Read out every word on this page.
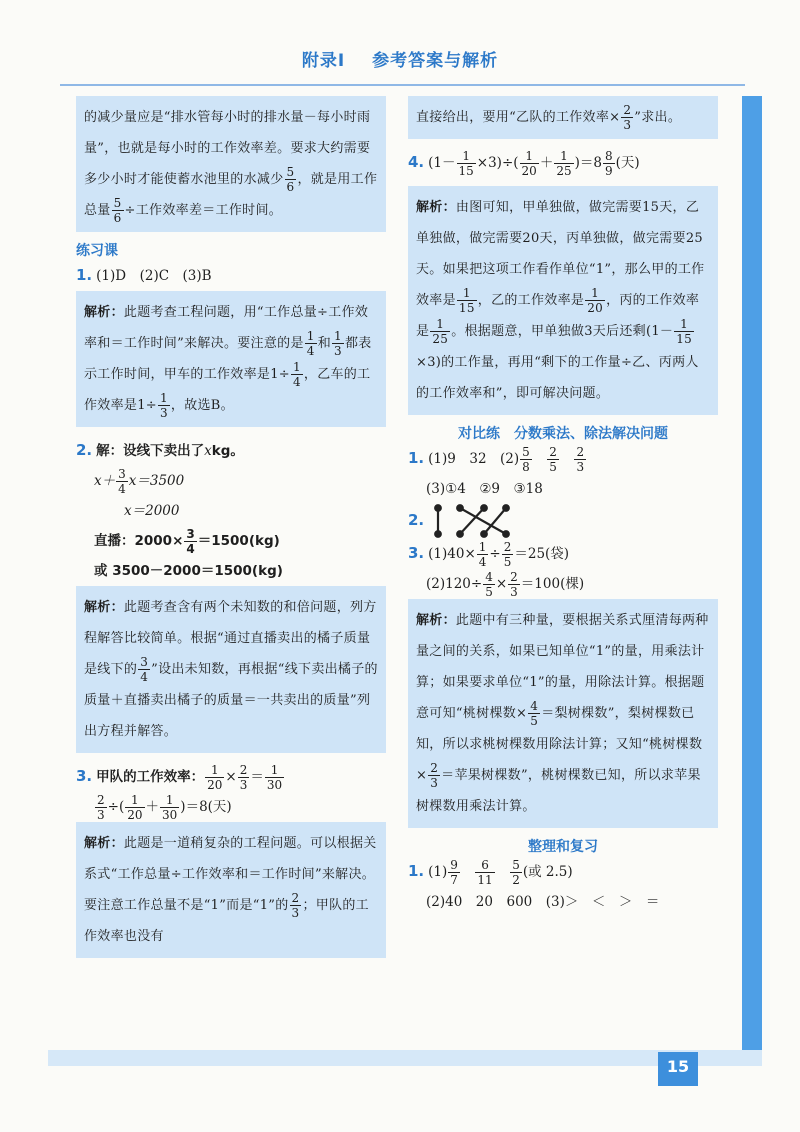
附录Ⅰ 参考答案与解析
15
的减少量应是“排水管每小时的排水量－每小时雨量”，也就是每小时的工作效率差。要求大约需要多少小时才能使蓄水池里的水减少 $\frac{5}{6}$ ，就是用工作总量 $\frac{5}{6}$ ÷工作效率差＝工作时间。
练习课
1. (1)D　(2)C　(3)B
解析：此题考查工程问题，用“工作总量÷工作效率和＝工作时间”来解决。要注意的是 $\frac{1}{4}$ 和 $\frac{1}{3}$ 都表示工作时间，甲车的工作效率是$1\div \frac{1}{4}$ ，乙车的工作效率是$1\div \frac{1}{3}$ ，故选B。
2. 解：设线下卖出了xkg。
$x+ \frac{3}{4} x=3500$
x＝2000
直播：$2000\times \frac{3}{4} =1500(kg)$
或 3500－2000＝1500(kg)
解析：此题考查含有两个未知数的和倍问题，列方程解答比较简单。根据“通过直播卖出的橘子质量是线下的 $\frac{3}{4}$ ”设出未知数，再根据“线下卖出橘子的质量＋直播卖出橘子的质量＝一共卖出的质量”列出方程并解答。
3. 甲队的工作效率： $\frac{1}{20} \times \frac{2}{3} = \frac{1}{30}$
$\frac{2}{3}$ ÷( $\frac{1}{20} + \frac{1}{30} )=8$(天)
解析：此题是一道稍复杂的工程问题。可以根据关系式“工作总量÷工作效率和＝工作时间”来解决。要注意工作总量不是“1”而是“1”的 $\frac{2}{3}$ ；甲队的工作效率也没有
直接给出，要用“乙队的工作效率× $\frac{2}{3}$ ”求出。
4. $(1- \frac{1}{15} \times 3)\div( \frac{1}{20} + \frac{1}{25} )=8 \frac{8}{9}$ (天)
解析：由图可知，甲单独做，做完需要15天，乙单独做，做完需要20天，丙单独做，做完需要25天。如果把这项工作看作单位“1”，那么甲的工作效率是 $\frac{1}{15}$ ，乙的工作效率是 $\frac{1}{20}$ ，丙的工作效率是 $\frac{1}{25}$ 。根据题意，甲单独做3天后还剩($1- \frac{1}{15}$
×3)的工作量，再用“剩下的工作量÷乙、丙两人的工作效率和”，即可解决问题。
对比练　分数乘法、除法解决问题
1. (1)9　32　$(2) \frac{5}{8}$
　 $\frac{2}{5}$
　 $\frac{2}{3}$
(3)①4　②9　③18
2.
3. $(1)40\times \frac{1}{4} \div \frac{2}{5} =25$(袋)
$(2)120\div \frac{4}{5} \times \frac{2}{3} =100$(棵)
解析：此题中有三种量，要根据关系式厘清每两种量之间的关系，如果已知单位“1”的量，用乘法计算；如果要求单位“1”的量，用除法计算。根据题意可知“桃树棵数× $\frac{4}{5}$ ＝梨树棵数”，梨树棵数已知，所以求桃树棵数用除法计算；又知“桃树棵数× $\frac{2}{3}$ ＝苹果树棵数”，桃树棵数已知，所以求苹果树棵数用乘法计算。
整理和复习
1. $(1) \frac{9}{7}$
　 $\frac{6}{11}$
　 $\frac{5}{2}$ (或 2.5)
(2)40　20　600　(3)＞　＜　＞　＝
